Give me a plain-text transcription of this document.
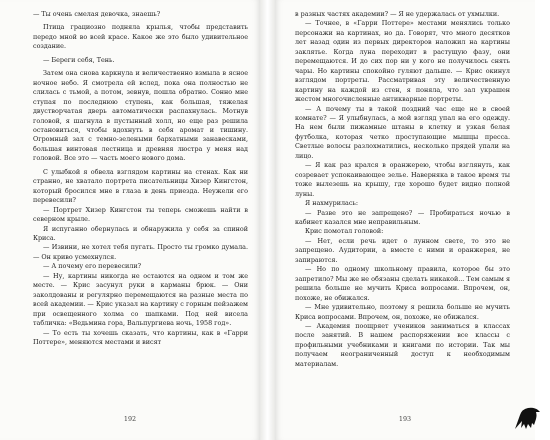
— Ты очень смелая девочка, знаешь?

Птица грациозно подняла крылья, чтобы представить передо мной во всей красе. Какое же это было удивительное создание.

— Береги себя, Тень.

Затем она снова каркнула и величественно взмыла в ясное ночное небо. Я смотрела ей вслед, пока она полностью не слилась с тьмой, а потом, зевнув, пошла обратно. Сонно мне ступая по последнюю ступень, как большая, тяжелая двустворчатая дверь автоматически распахнулась. Мотнув головой, я шагнула в пустынный холл, но еще раз решила остановиться, чтобы вдохнуть в себя аромат и тишину. Огромный зал с темно-зелеными бархатными занавесками, большая винтовая лестница и древняя люстра у меня над головой. Все это — часть моего нового дома.

С улыбкой я обвела взглядом картины на стенах. Как ни странно, не хватало портрета писательницы Хизер Кингстон, который бросился мне в глаза в день приезда. Неужели его перевесили?

— Портрет Хизер Кингстон ты теперь сможешь найти в северном крыле.

Я испуганно обернулась и обнаружила у себя за спиной Крисa.

— Извини, не хотел тебя пугать. Просто ты громко думала. — Он криво усмехнулся.

— А почему его перевесили?

— Ну, картины никогда не остаются на одном и том же месте. — Крис засунул руки в карманы брюк. — Они заколдованы и регулярно перемещаются на разные места по всей академии. — Крис указал на картину с горным пейзажем при освещенного холма со шапками. Под ней висела табличка: «Ведьмина гора, Вальпургиева ночь, 1958 год».

— То есть ты хочешь сказать, что картины, как в «Гарри Поттере», меняются местами и висят

192

в разных частях академии? — Я не удержалась от ухмылки.

— Точнее, в «Гарри Поттере» местами менялись только персонажи на картинах, но да. Говорят, что много десятков лет назад один из первых директоров наложил на картины заклятье. Когда луна переходит в растущую фазу, они перемещаются. И до сих пор ни у кого не получилось снять чары. Но картины спокойно гуляют дальше. — Крис окинул взглядом портреты. Рассматривая эту величественную картину на каждой из стен, я поняла, что зал украшен жестом многочисленные антикварные портреты.

— А почему ты в такой поздний час еще не в своей комнате? — Я улыбнулась, а мой взгляд упал на его одежду. На нем были пижамные штаны в клетку и узкая белая футболка, которая четко проступающие мышцы пресса. Светлые волосы разлохматились, несколько прядей упали на лицо.

— Я как раз крался в оранжерею, чтобы взглянуть, как созревает успокаивающее зелье. Наверняка в такое время ты тоже вылезешь на крышу, где хорошо будет видно полной луны.

Я нахмурилась:

— Разве это не запрещено? — Пробираться ночью в кабинет казался мне неправильным.

Крис помотал головой:

— Нет, если речь идет о лунном свете, то это не запрещено. Аудитории, а вместе с ними и оранжерея, не запираются.

— Но по одному школьному правила, которое бы это запретило? Мы же не обязаны сделать никакой... Тем самым я решила больше не мучить Криса вопросами. Впрочем, он, похоже, не обижался.

— Мне удивительно, поэтому я решила больше не мучить Криса вопросами. Впрочем, он, похоже, не обижался.

— Академия поощряет учеников заниматься в классах после занятий. В нашем распоряжении все классы с профильными учебниками и книгами по истории. Так мы получаем неограниченный доступ к необходимым материалам.

193
